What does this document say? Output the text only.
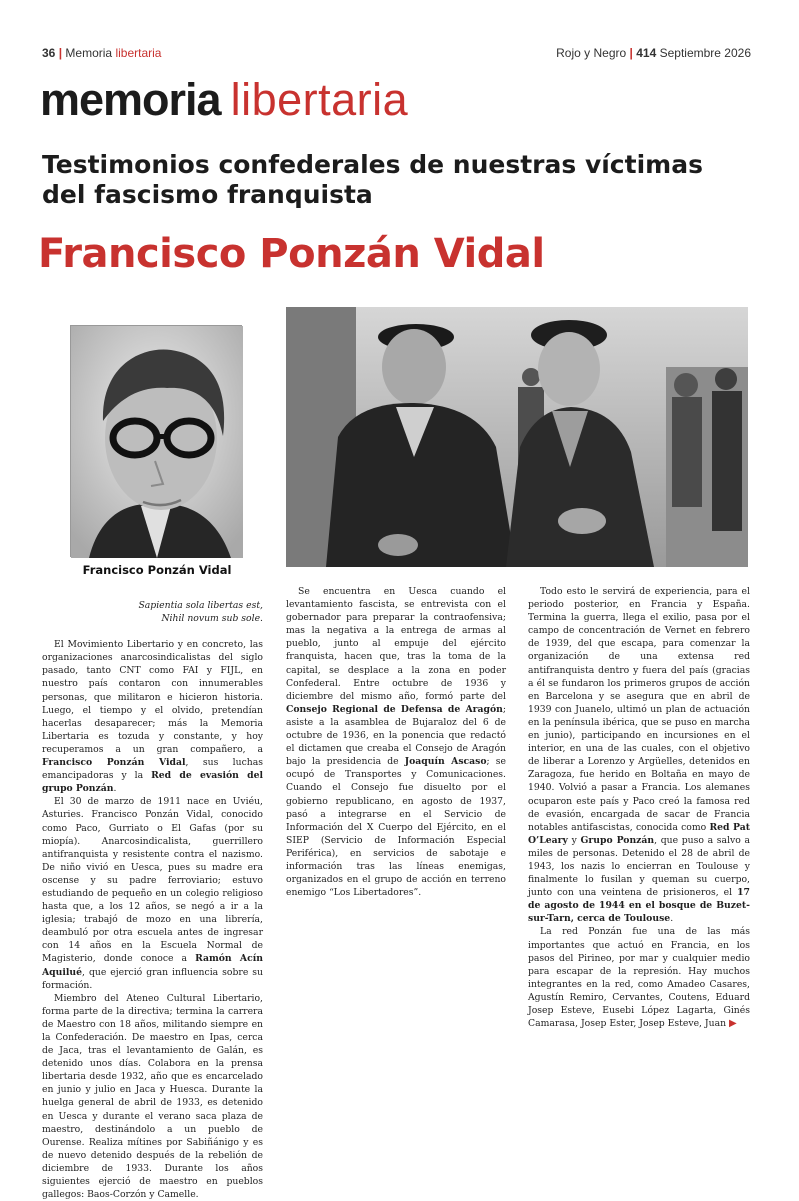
36 | Memoria libertaria	Rojo y Negro | 414 Septiembre 2026
memoria libertaria
Testimonios confederales de nuestras víctimas del fascismo franquista
Francisco Ponzán Vidal
Francisco Ponzán Vidal
Sapientia sola libertas est,
Nihil novum sub sole.

El Movimiento Libertario y en concreto, las organizaciones anarcosindicalistas del siglo pasado, tanto CNT como FAI y FIJL, en nuestro país contaron con innumerables personas, que militaron e hicieron historia. Luego, el tiempo y el olvido, pretendían hacerlas desaparecer; más la Memoria Libertaria es tozuda y constante, y hoy recuperamos a un gran compañero, a Francisco Ponzán Vidal, sus luchas emancipadoras y la Red de evasión del grupo Ponzán.

El 30 de marzo de 1911 nace en Uviéu, Asturies. Francisco Ponzán Vidal, conocido como Paco, Gurriato o El Gafas (por su miopía). Anarcosindicalista, guerrillero antifranquista y resistente contra el nazismo. De niño vivió en Uesca, pues su madre era oscense y su padre ferroviario; estuvo estudiando de pequeño en un colegio religioso hasta que, a los 12 años, se negó a ir a la iglesia; trabajó de mozo en una librería, deambuló por otra escuela antes de ingresar con 14 años en la Escuela Normal de Magisterio, donde conoce a Ramón Acín Aquilué, que ejerció gran influencia sobre su formación.

Miembro del Ateneo Cultural Libertario, forma parte de la directiva; termina la carrera de Maestro con 18 años, militando siempre en la Confederación. De maestro en Ipas, cerca de Jaca, tras el levantamiento de Galán, es detenido unos días. Colabora en la prensa libertaria desde 1932, año que es encarcelado en junio y julio en Jaca y Huesca. Durante la huelga general de abril de 1933, es detenido en Uesca y durante el verano saca plaza de maestro, destinándolo a un pueblo de Ourense. Realiza mítines por Sabiñánigo y es de nuevo detenido después de la rebelión de diciembre de 1933. Durante los años siguientes ejerció de maestro en pueblos gallegos: Baos-Corzón y Camelle.

Se encuentra en Uesca cuando el levantamiento fascista, se entrevista con el gobernador para preparar la contraofensiva; mas la negativa a la entrega de armas al pueblo, junto al empuje del ejército franquista, hacen que, tras la toma de la capital, se desplace a la zona en poder Confederal. Entre octubre de 1936 y diciembre del mismo año, formó parte del Consejo Regional de Defensa de Aragón; asiste a la asamblea de Bujaraloz del 6 de octubre de 1936, en la ponencia que redactó el dictamen que creaba el Consejo de Aragón bajo la presidencia de Joaquín Ascaso; se ocupó de Transportes y Comunicaciones. Cuando el Consejo fue disuelto por el gobierno republicano, en agosto de 1937, pasó a integrarse en el Servicio de Información del X Cuerpo del Ejército, en el SIEP (Servicio de Información Especial Periférica), en servicios de sabotaje e información tras las líneas enemigas, organizados en el grupo de acción en terreno enemigo “Los Libertadores”.

Todo esto le servirá de experiencia, para el periodo posterior, en Francia y España. Termina la guerra, llega el exilio, pasa por el campo de concentración de Vernet en febrero de 1939, del que escapa, para comenzar la organización de una extensa red antifranquista dentro y fuera del país (gracias a él se fundaron los primeros grupos de acción en Barcelona y se asegura que en abril de 1939 con Juanelo, ultimó un plan de actuación en la península ibérica, que se puso en marcha en junio), participando en incursiones en el interior, en una de las cuales, con el objetivo de liberar a Lorenzo y Argüelles, detenidos en Zaragoza, fue herido en Boltaña en mayo de 1940. Volvió a pasar a Francia. Los alemanes ocuparon este país y Paco creó la famosa red de evasión, encargada de sacar de Francia notables antifascistas, conocida como Red Pat O’Leary y Grupo Ponzán, que puso a salvo a miles de personas. Detenido el 28 de abril de 1943, los nazis lo encierran en Toulouse y finalmente lo fusilan y queman su cuerpo, junto con una veintena de prisioneros, el 17 de agosto de 1944 en el bosque de Buzet-sur-Tarn, cerca de Toulouse.

La red Ponzán fue una de las más importantes que actuó en Francia, en los pasos del Pirineo, por mar y cualquier medio para escapar de la represión. Hay muchos integrantes en la red, como Amadeo Casares, Agustín Remiro, Cervantes, Coutens, Eduard Josep Esteve, Eusebi López Lagarta, Ginés Camarasa, Josep Ester, Josep Esteve, Juan ▶
